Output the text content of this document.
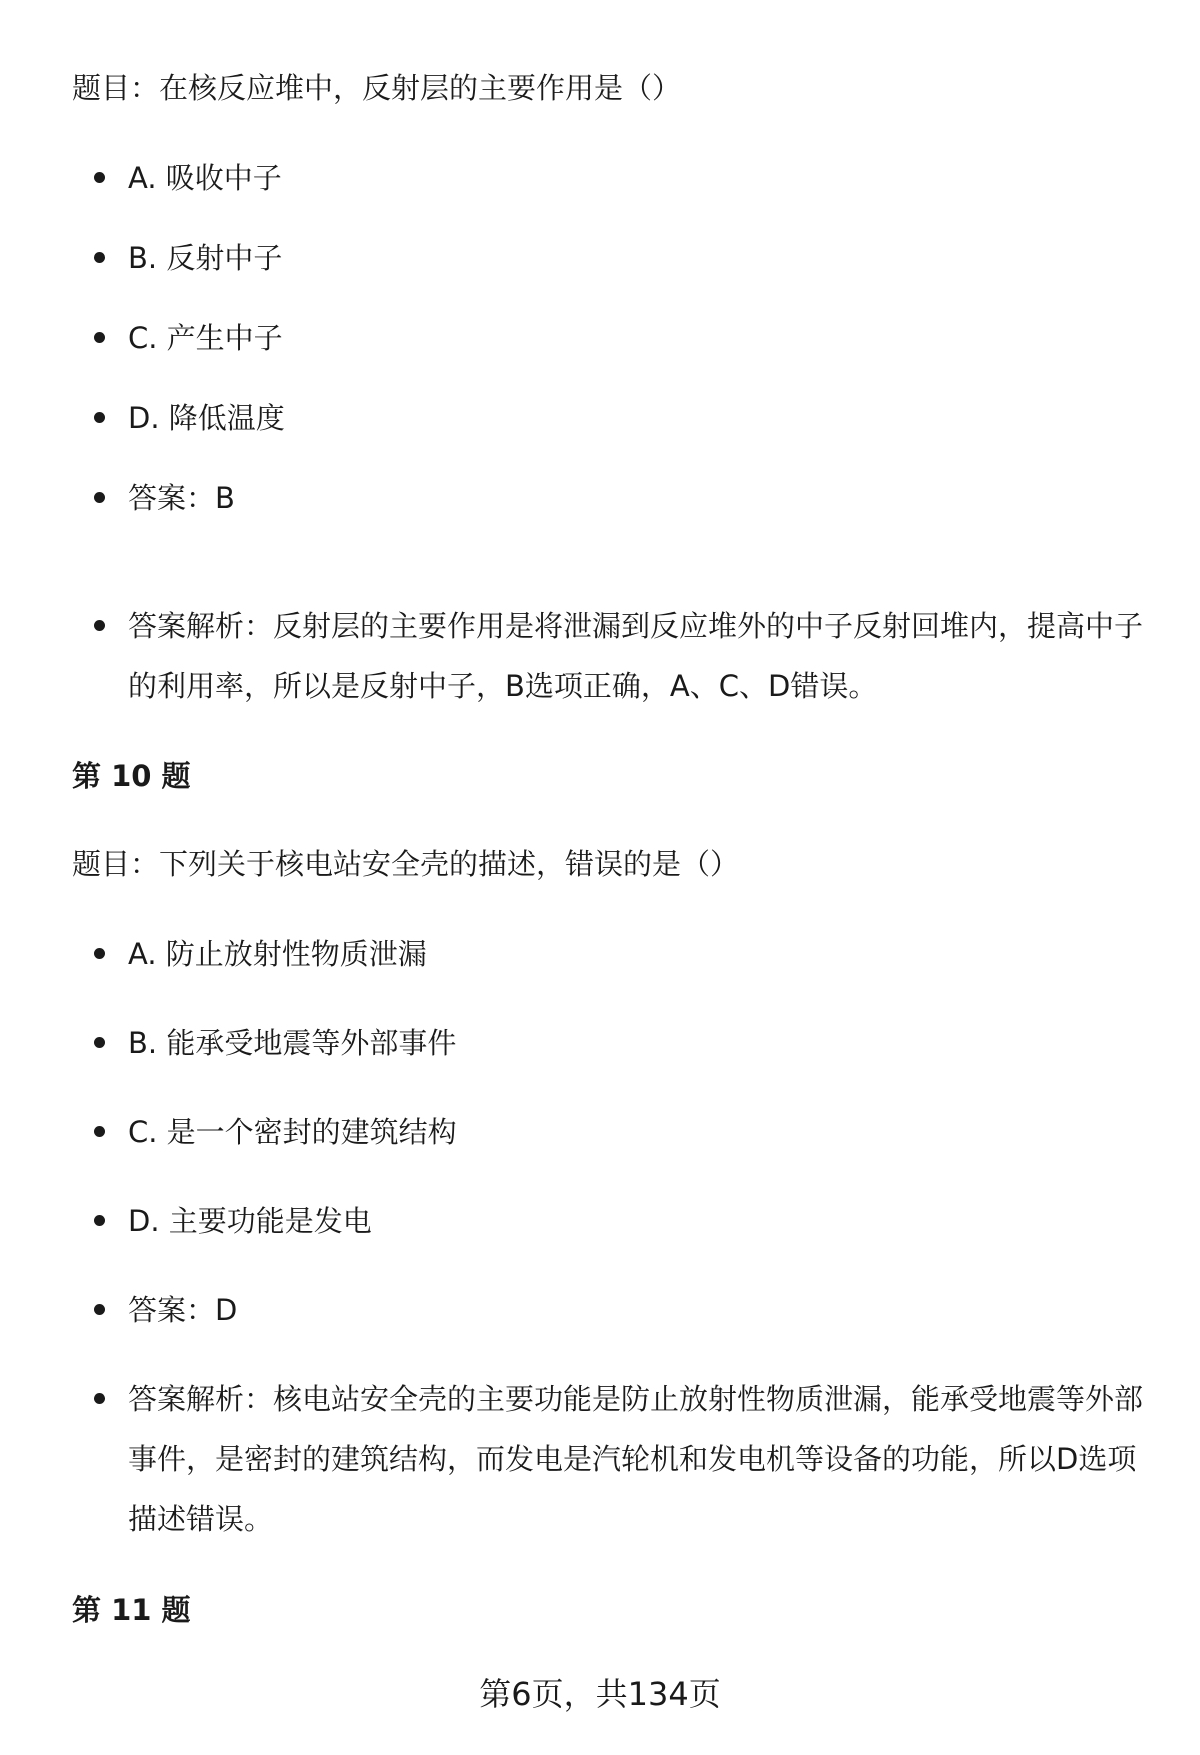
题目：在核反应堆中，反射层的主要作用是（）
A. 吸收中子
B. 反射中子
C. 产生中子
D. 降低温度
答案：B
答案解析：反射层的主要作用是将泄漏到反应堆外的中子反射回堆内，提高中子的利用率，所以是反射中子，B选项正确，A、C、D错误。
第 10 题
题目：下列关于核电站安全壳的描述，错误的是（）
A. 防止放射性物质泄漏
B. 能承受地震等外部事件
C. 是一个密封的建筑结构
D. 主要功能是发电
答案：D
答案解析：核电站安全壳的主要功能是防止放射性物质泄漏，能承受地震等外部事件，是密封的建筑结构，而发电是汽轮机和发电机等设备的功能，所以D选项描述错误。
第 11 题
第6页，共134页
